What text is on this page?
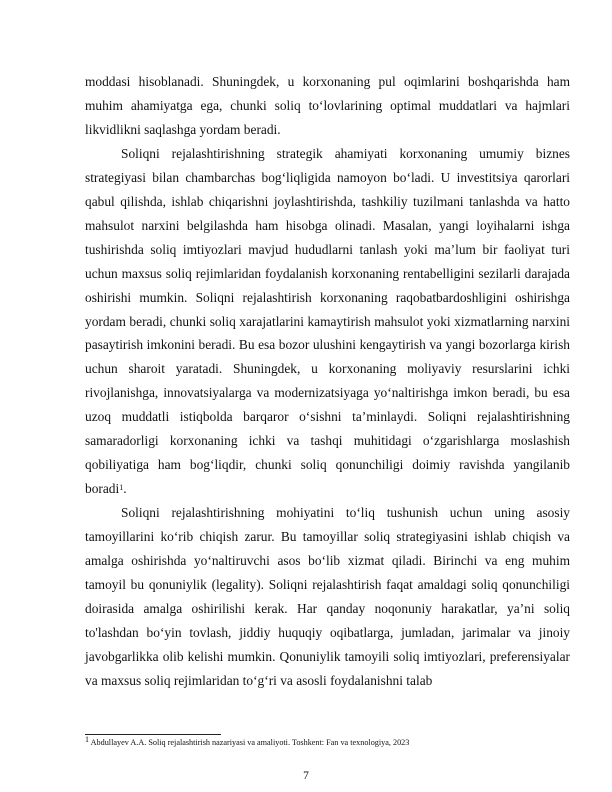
moddasi hisoblanadi. Shuningdek, u korxonaning pul oqimlarini boshqarishda ham muhim ahamiyatga ega, chunki soliq toʻlovlarining optimal muddatlari va hajmlari likvidlikni saqlashga yordam beradi.

Soliqni rejalashtirishning strategik ahamiyati korxonaning umumiy biznes strategiyasi bilan chambarchas bogʻliqligida namoyon boʻladi. U investitsiya qarorlari qabul qilishda, ishlab chiqarishni joylashtirishda, tashkiliy tuzilmani tanlashda va hatto mahsulot narxini belgilashda ham hisobga olinadi. Masalan, yangi loyihalarni ishga tushirishda soliq imtiyozlari mavjud hududlarni tanlash yoki maʼlum bir faoliyat turi uchun maxsus soliq rejimlaridan foydalanish korxonaning rentabelligini sezilarli darajada oshirishi mumkin. Soliqni rejalashtirish korxonaning raqobatbardoshligini oshirishga yordam beradi, chunki soliq xarajatlarini kamaytirish mahsulot yoki xizmatlarning narxini pasaytirish imkonini beradi. Bu esa bozor ulushini kengaytirish va yangi bozorlarga kirish uchun sharoit yaratadi. Shuningdek, u korxonaning moliyaviy resurslarini ichki rivojlanishga, innovatsiyalarga va modernizatsiyaga yoʻnaltirishga imkon beradi, bu esa uzoq muddatli istiqbolda barqaror oʻsishni taʼminlaydi. Soliqni rejalashtirishning samaradorligi korxonaning ichki va tashqi muhitidagi oʻzgarishlarga moslashish qobiliyatiga ham bogʻliqdir, chunki soliq qonunchiligi doimiy ravishda yangilanib boradi$^1$.

Soliqni rejalashtirishning mohiyatini toʻliq tushunish uchun uning asosiy tamoyillarini koʻrib chiqish zarur. Bu tamoyillar soliq strategiyasini ishlab chiqish va amalga oshirishda yoʻnaltiruvchi asos boʻlib xizmat qiladi. Birinchi va eng muhim tamoyil bu qonuniylik (legality). Soliqni rejalashtirish faqat amaldagi soliq qonunchiligi doirasida amalga oshirilishi kerak. Har qanday noqonuniy harakatlar, yaʼni soliq to'lashdan boʻyin tovlash, jiddiy huquqiy oqibatlarga, jumladan, jarimalar va jinoiy javobgarlikka olib kelishi mumkin. Qonuniylik tamoyili soliq imtiyozlari, preferensiyalar va maxsus soliq rejimlaridan toʻgʻri va asosli foydalanishni talab

$^1$ Abdullayev A.A. Soliq rejalashtirish nazariyasi va amaliyoti. Toshkent: Fan va texnologiya, 2023
7
